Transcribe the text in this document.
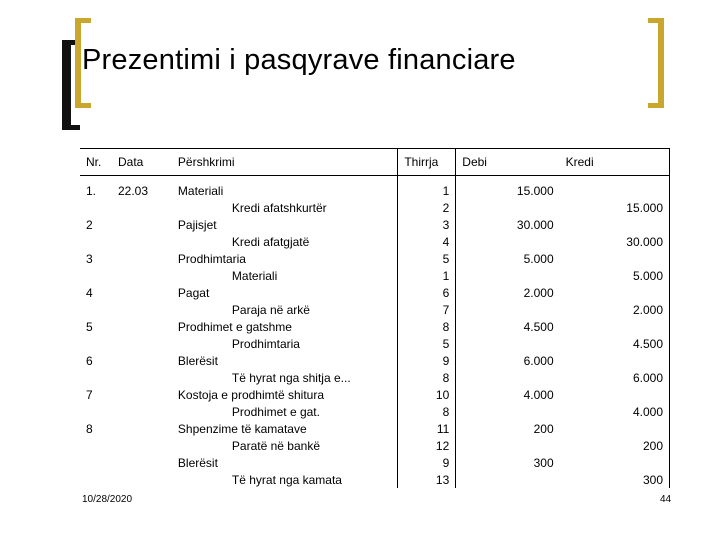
Prezentimi i pasqyrave financiare
Nr.	Data	Përshkrimi	Thirrja	Debi	Kredi

1.	22.03	Materiali	1	15.000	
		Kredi afatshkurtër	2		15.000
2		Pajisjet	3	30.000	
		Kredi afatgjatë	4		30.000
3		Prodhimtaria	5	5.000	
		Materiali	1		5.000
4		Pagat	6	2.000	
		Paraja në arkë	7		2.000
5		Prodhimet e gatshme	8	4.500	
		Prodhimtaria	5		4.500
6		Blerësit	9	6.000	
		Të hyrat nga shitja e...	8		6.000
7		Kostoja e prodhimtë shitura	10	4.000	
		Prodhimet e gat.	8		4.000
8		Shpenzime të kamatave	11	200	
		Paratë në bankë	12		200
		Blerësit	9	300	
		Të hyrat nga kamata	13		300
10/28/2020	44
